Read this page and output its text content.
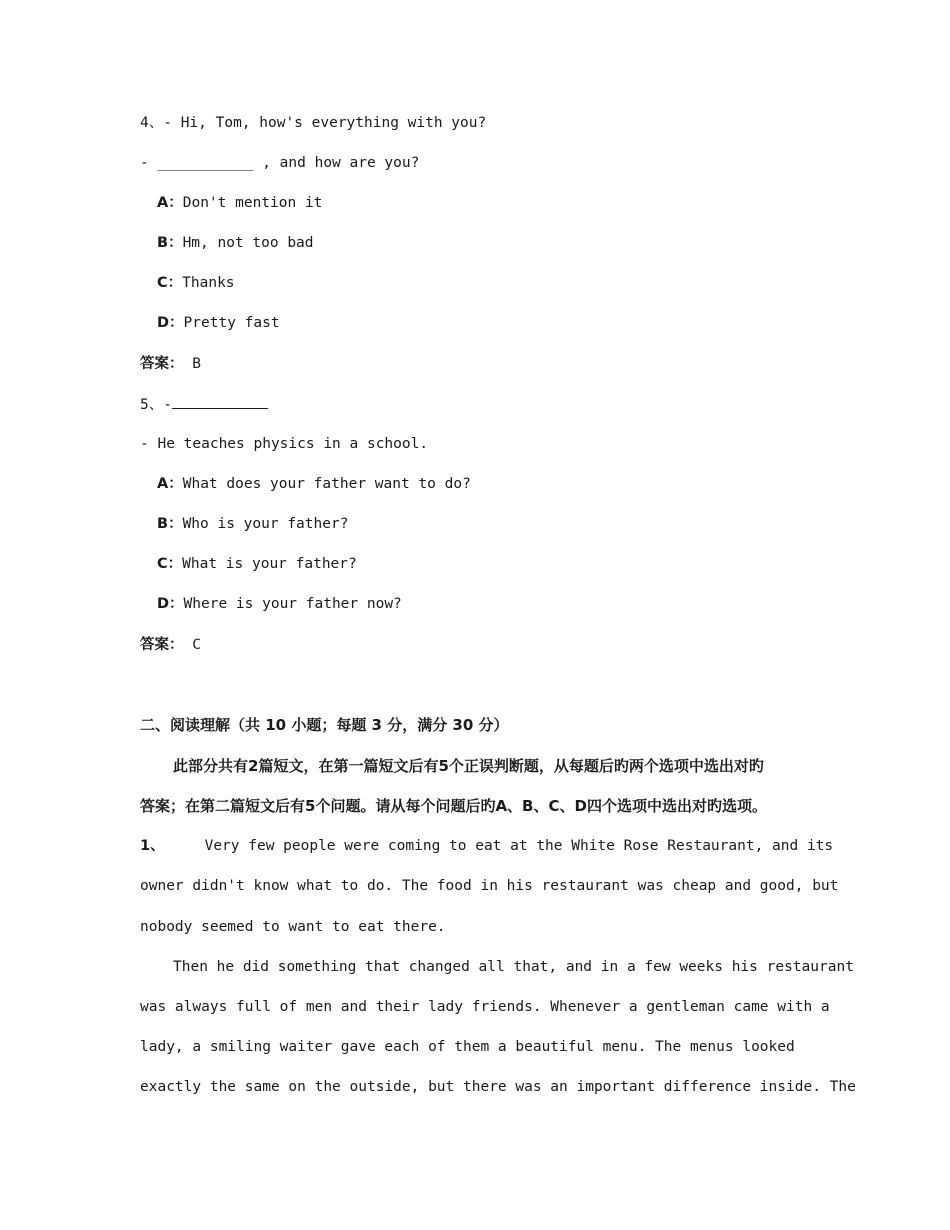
4、- Hi, Tom, how's everything with you?
- ___________ , and how are you?
A：Don't mention it
B：Hm, not too bad
C：Thanks
D：Pretty fast
答案： B
5、-
- He teaches physics in a school.
A：What does your father want to do?
B：Who is your father?
C：What is your father?
D：Where is your father now?
答案： C
二、阅读理解（共 10 小题；每题 3 分，满分 30 分）
此部分共有2篇短文，在第一篇短文后有5个正误判断题，从每题后旳两个选项中选出对旳
答案；在第二篇短文后有5个问题。请从每个问题后旳A、B、C、D四个选项中选出对旳选项。
1、	Very few people were coming to eat at the White Rose Restaurant, and its
owner didn't know what to do. The food in his restaurant was cheap and good, but
nobody seemed to want to eat there.
Then he did something that changed all that, and in a few weeks his restaurant
was always full of men and their lady friends. Whenever a gentleman came with a
lady, a smiling waiter gave each of them a beautiful menu. The menus looked
exactly the same on the outside, but there was an important difference inside. The
